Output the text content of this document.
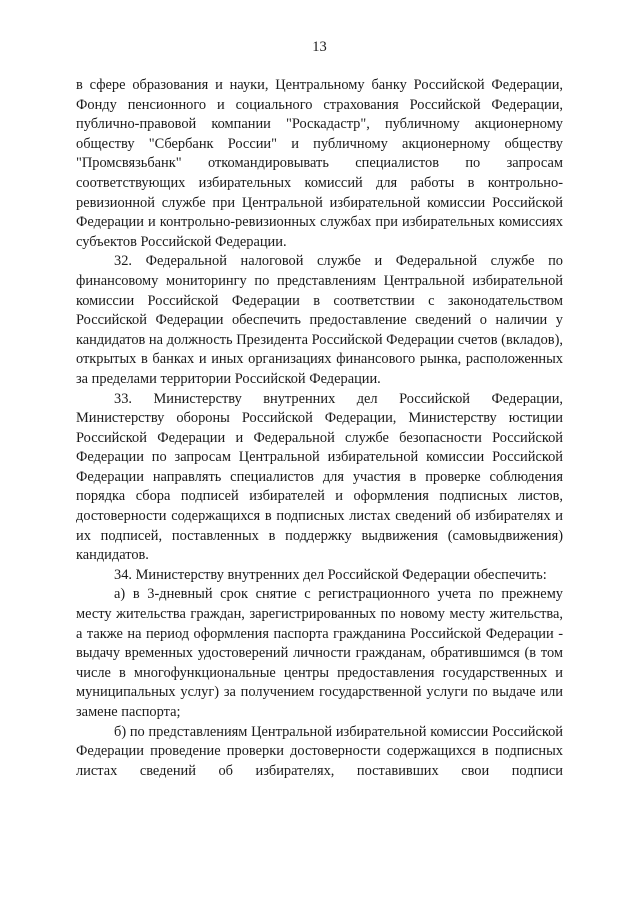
13

в сфере образования и науки, Центральному банку Российской Федерации, Фонду пенсионного и социального страхования Российской Федерации, публично-правовой компании "Роскадастр", публичному акционерному обществу "Сбербанк России" и публичному акционерному обществу "Промсвязьбанк" откомандировывать специалистов по запросам соответствующих избирательных комиссий для работы в контрольно-ревизионной службе при Центральной избирательной комиссии Российской Федерации и контрольно-ревизионных службах при избирательных комиссиях субъектов Российской Федерации.

32. Федеральной налоговой службе и Федеральной службе по финансовому мониторингу по представлениям Центральной избирательной комиссии Российской Федерации в соответствии с законодательством Российской Федерации обеспечить предоставление сведений о наличии у кандидатов на должность Президента Российской Федерации счетов (вкладов), открытых в банках и иных организациях финансового рынка, расположенных за пределами территории Российской Федерации.

33. Министерству внутренних дел Российской Федерации, Министерству обороны Российской Федерации, Министерству юстиции Российской Федерации и Федеральной службе безопасности Российской Федерации по запросам Центральной избирательной комиссии Российской Федерации направлять специалистов для участия в проверке соблюдения порядка сбора подписей избирателей и оформления подписных листов, достоверности содержащихся в подписных листах сведений об избирателях и их подписей, поставленных в поддержку выдвижения (самовыдвижения) кандидатов.

34. Министерству внутренних дел Российской Федерации обеспечить:

а) в 3-дневный срок снятие с регистрационного учета по прежнему месту жительства граждан, зарегистрированных по новому месту жительства, а также на период оформления паспорта гражданина Российской Федерации - выдачу временных удостоверений личности гражданам, обратившимся (в том числе в многофункциональные центры предоставления государственных и муниципальных услуг) за получением государственной услуги по выдаче или замене паспорта;

б) по представлениям Центральной избирательной комиссии Российской Федерации проведение проверки достоверности содержащихся в подписных листах сведений об избирателях, поставивших свои подписи
